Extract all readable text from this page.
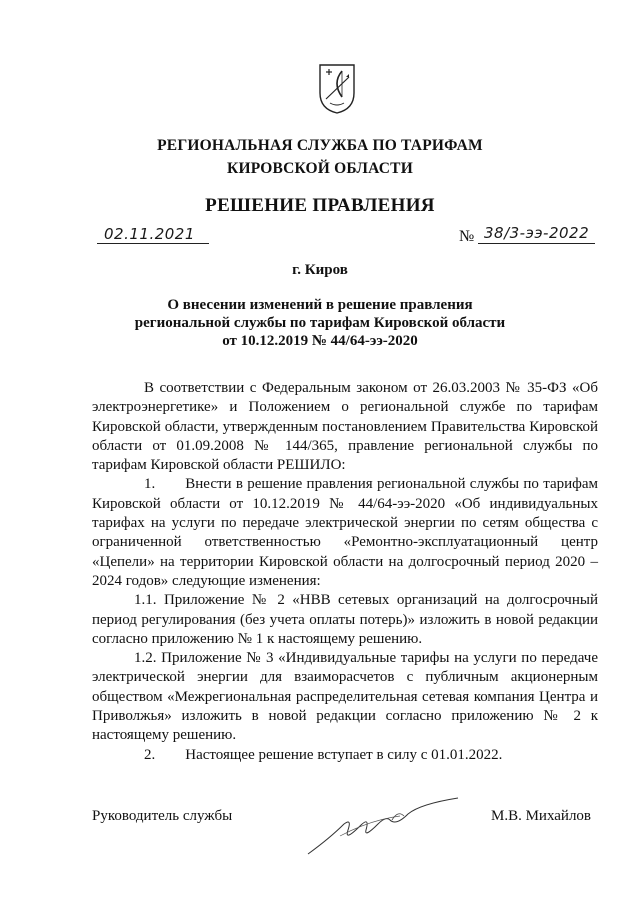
РЕГИОНАЛЬНАЯ СЛУЖБА ПО ТАРИФАМ
КИРОВСКОЙ ОБЛАСТИ
РЕШЕНИЕ ПРАВЛЕНИЯ
02.11.2021	№ 38/3-ээ-2022
г. Киров
О внесении изменений в решение правления
региональной службы по тарифам Кировской области
от 10.12.2019 № 44/64-ээ-2020

В соответствии с Федеральным законом от 26.03.2003 № 35-ФЗ «Об электроэнергетике» и Положением о региональной службе по тарифам Кировской области, утвержденным постановлением Правительства Кировской области от 01.09.2008 № 144/365, правление региональной службы по тарифам Кировской области РЕШИЛО:

1.  Внести в решение правления региональной службы по тарифам Кировской области от 10.12.2019 № 44/64-ээ-2020 «Об индивидуальных тарифах на услуги по передаче электрической энергии по сетям общества с ограниченной ответственностью «Ремонтно-эксплуатационный центр «Цепели» на территории Кировской области на долгосрочный период 2020 – 2024 годов» следующие изменения:

1.1. Приложение № 2 «НВВ сетевых организаций на долгосрочный период регулирования (без учета оплаты потерь)» изложить в новой редакции согласно приложению № 1 к настоящему решению.

1.2. Приложение № 3 «Индивидуальные тарифы на услуги по передаче электрической энергии для взаиморасчетов с публичным акционерным обществом «Межрегиональная распределительная сетевая компания Центра и Приволжья» изложить в новой редакции согласно приложению № 2 к настоящему решению.

2.  Настоящее решение вступает в силу с 01.01.2022.

Руководитель службы	М.В. Михайлов
